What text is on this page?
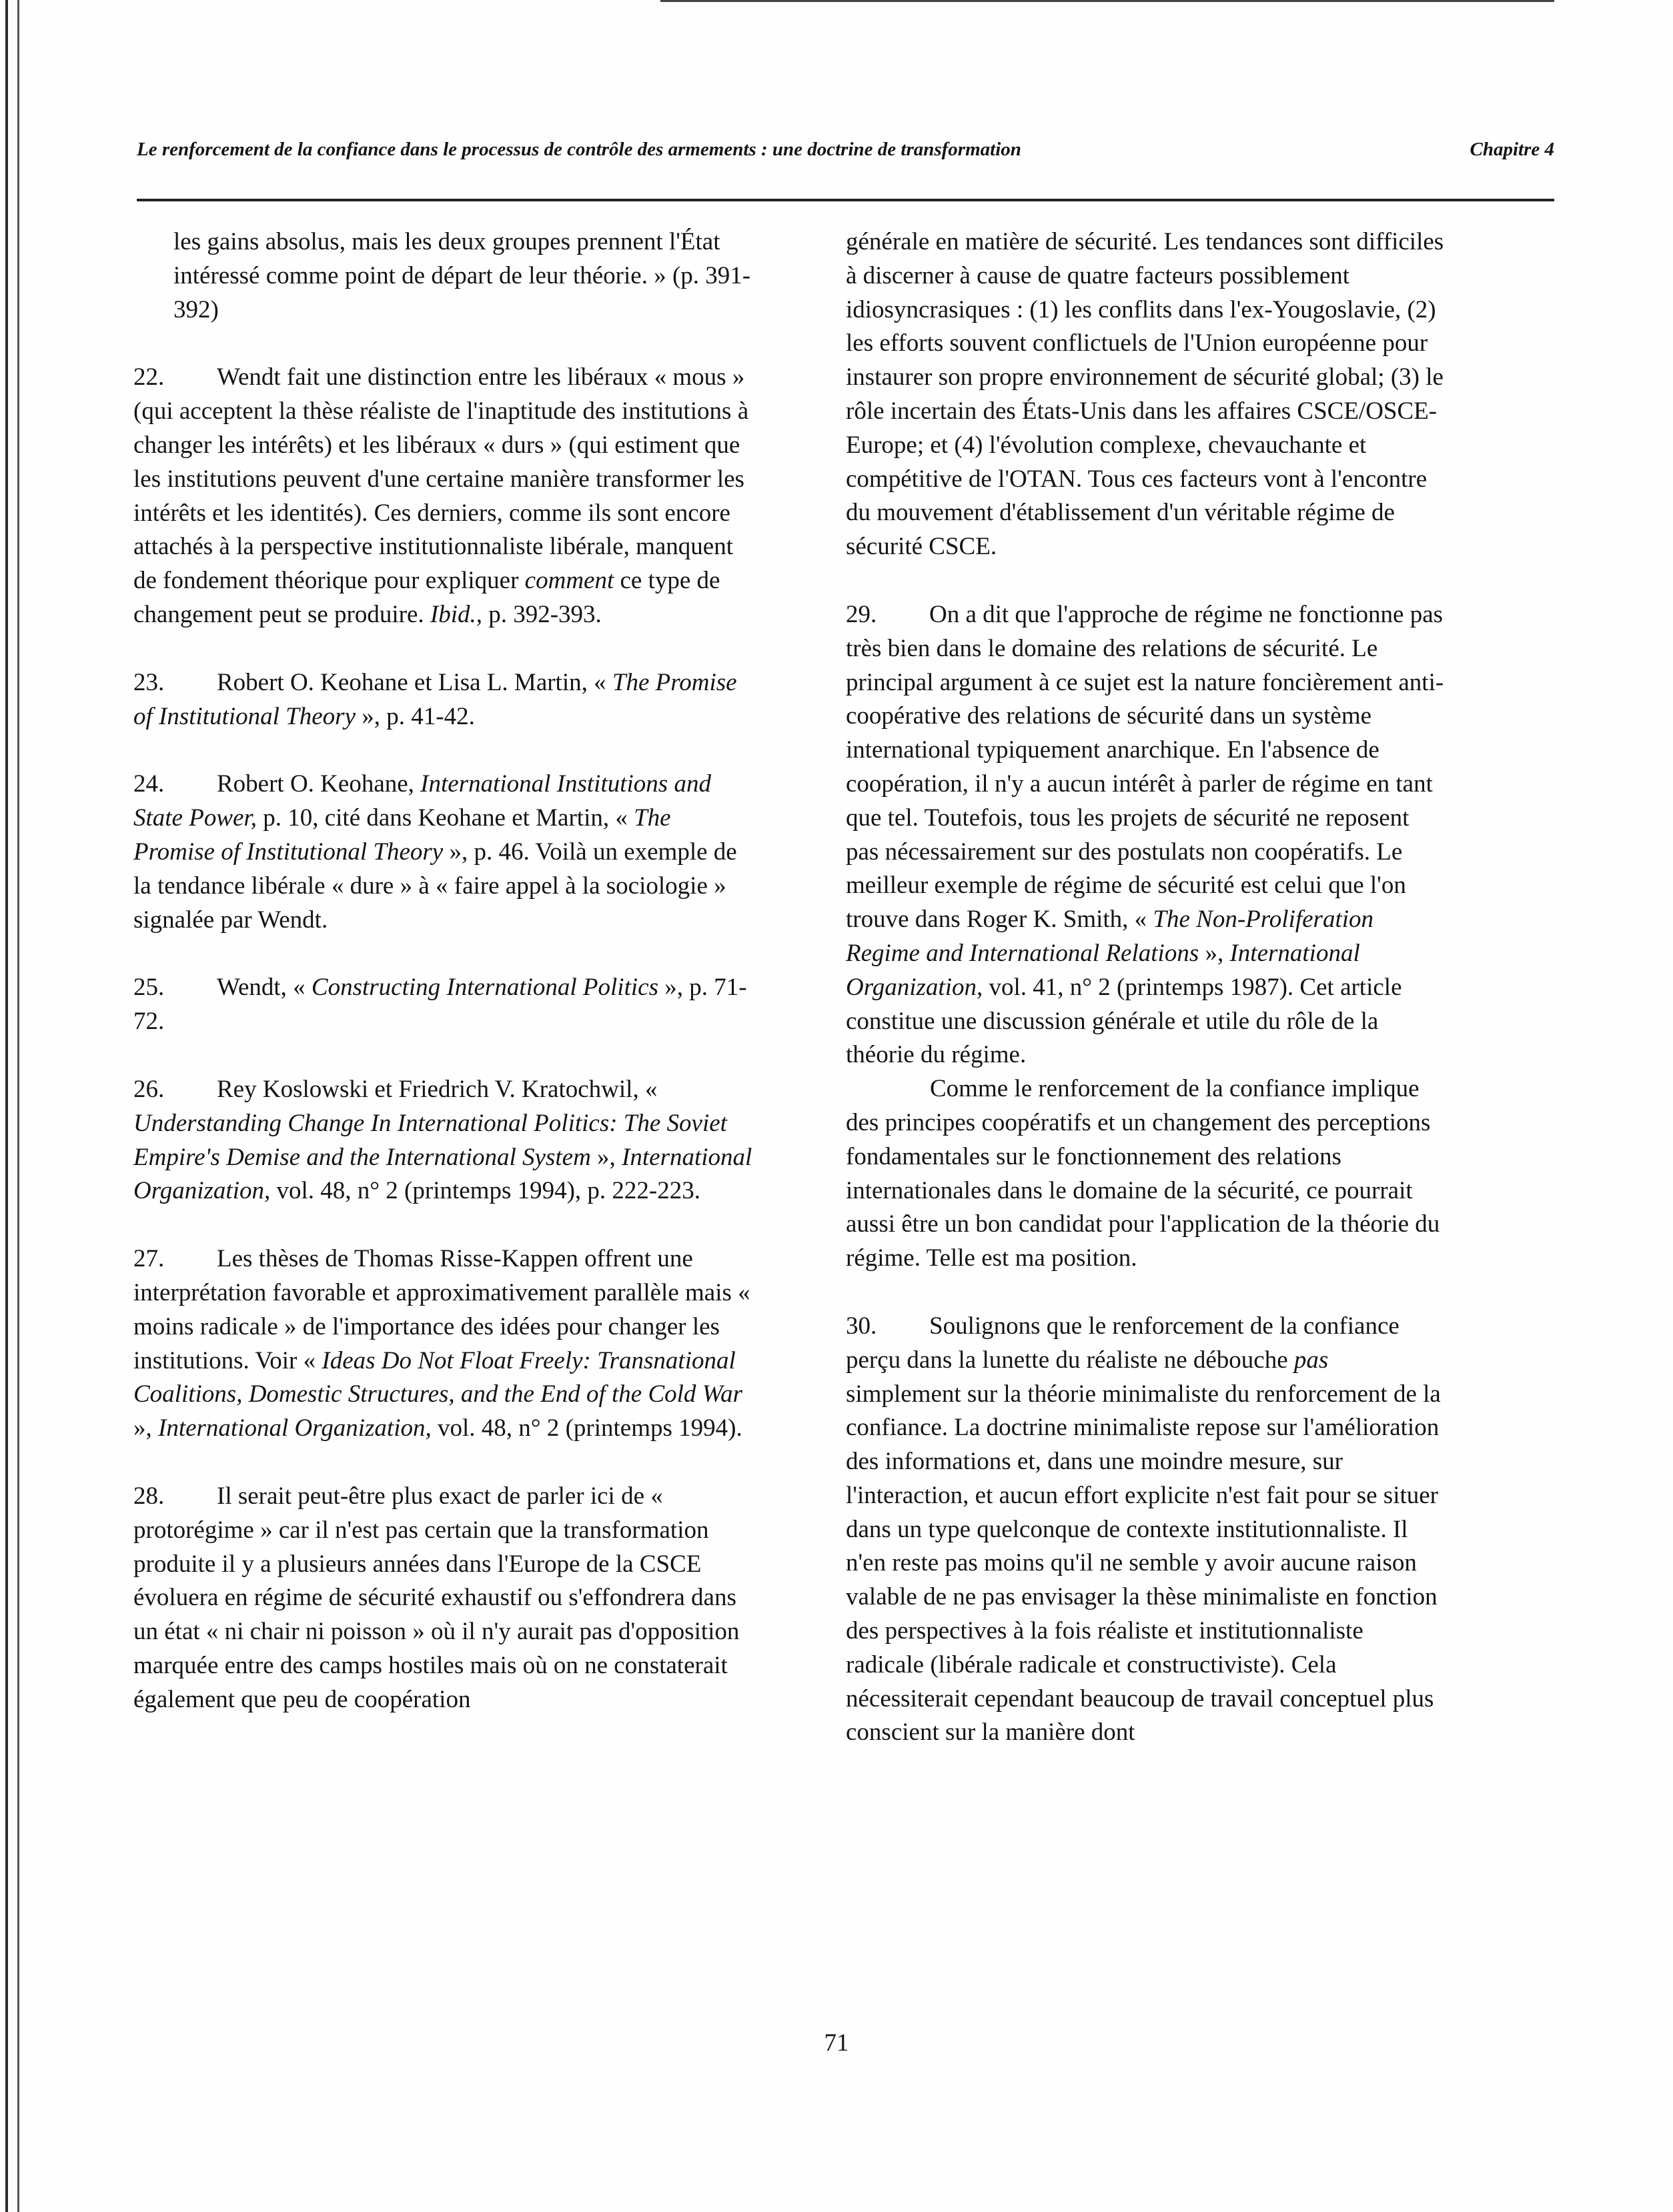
Le renforcement de la confiance dans le processus de contrôle des armements : une doctrine de transformation	Chapitre 4

les gains absolus, mais les deux groupes prennent l'État intéressé comme point de départ de leur théorie. » (p. 391-392)

22. Wendt fait une distinction entre les libéraux « mous » (qui acceptent la thèse réaliste de l'inaptitude des institutions à changer les intérêts) et les libéraux « durs » (qui estiment que les institutions peuvent d'une certaine manière transformer les intérêts et les identités). Ces derniers, comme ils sont encore attachés à la perspective institutionnaliste libérale, manquent de fondement théorique pour expliquer comment ce type de changement peut se produire. Ibid., p. 392-393.

23. Robert O. Keohane et Lisa L. Martin, « The Promise of Institutional Theory », p. 41-42.

24. Robert O. Keohane, International Institutions and State Power, p. 10, cité dans Keohane et Martin, « The Promise of Institutional Theory », p. 46. Voilà un exemple de la tendance libérale « dure » à « faire appel à la sociologie » signalée par Wendt.

25. Wendt, « Constructing International Politics », p. 71-72.

26. Rey Koslowski et Friedrich V. Kratochwil, « Understanding Change In International Politics: The Soviet Empire's Demise and the International System », International Organization, vol. 48, n° 2 (printemps 1994), p. 222-223.

27. Les thèses de Thomas Risse-Kappen offrent une interprétation favorable et approximativement parallèle mais « moins radicale » de l'importance des idées pour changer les institutions. Voir « Ideas Do Not Float Freely: Transnational Coalitions, Domestic Structures, and the End of the Cold War », International Organization, vol. 48, n° 2 (printemps 1994).

28. Il serait peut-être plus exact de parler ici de « protorégime » car il n'est pas certain que la transformation produite il y a plusieurs années dans l'Europe de la CSCE évoluera en régime de sécurité exhaustif ou s'effondrera dans un état « ni chair ni poisson » où il n'y aurait pas d'opposition marquée entre des camps hostiles mais où on ne constaterait également que peu de coopération

générale en matière de sécurité. Les tendances sont difficiles à discerner à cause de quatre facteurs possiblement idiosyncrasiques : (1) les conflits dans l'ex-Yougoslavie, (2) les efforts souvent conflictuels de l'Union européenne pour instaurer son propre environnement de sécurité global; (3) le rôle incertain des États-Unis dans les affaires CSCE/OSCE-Europe; et (4) l'évolution complexe, chevauchante et compétitive de l'OTAN. Tous ces facteurs vont à l'encontre du mouvement d'établissement d'un véritable régime de sécurité CSCE.

29. On a dit que l'approche de régime ne fonctionne pas très bien dans le domaine des relations de sécurité. Le principal argument à ce sujet est la nature foncièrement anti-coopérative des relations de sécurité dans un système international typiquement anarchique. En l'absence de coopération, il n'y a aucun intérêt à parler de régime en tant que tel. Toutefois, tous les projets de sécurité ne reposent pas nécessairement sur des postulats non coopératifs. Le meilleur exemple de régime de sécurité est celui que l'on trouve dans Roger K. Smith, « The Non-Proliferation Regime and International Relations », International Organization, vol. 41, n° 2 (printemps 1987). Cet article constitue une discussion générale et utile du rôle de la théorie du régime.

Comme le renforcement de la confiance implique des principes coopératifs et un changement des perceptions fondamentales sur le fonctionnement des relations internationales dans le domaine de la sécurité, ce pourrait aussi être un bon candidat pour l'application de la théorie du régime. Telle est ma position.

30. Soulignons que le renforcement de la confiance perçu dans la lunette du réaliste ne débouche pas simplement sur la théorie minimaliste du renforcement de la confiance. La doctrine minimaliste repose sur l'amélioration des informations et, dans une moindre mesure, sur l'interaction, et aucun effort explicite n'est fait pour se situer dans un type quelconque de contexte institutionnaliste. Il n'en reste pas moins qu'il ne semble y avoir aucune raison valable de ne pas envisager la thèse minimaliste en fonction des perspectives à la fois réaliste et institutionnaliste radicale (libérale radicale et constructiviste). Cela nécessiterait cependant beaucoup de travail conceptuel plus conscient sur la manière dont

71
